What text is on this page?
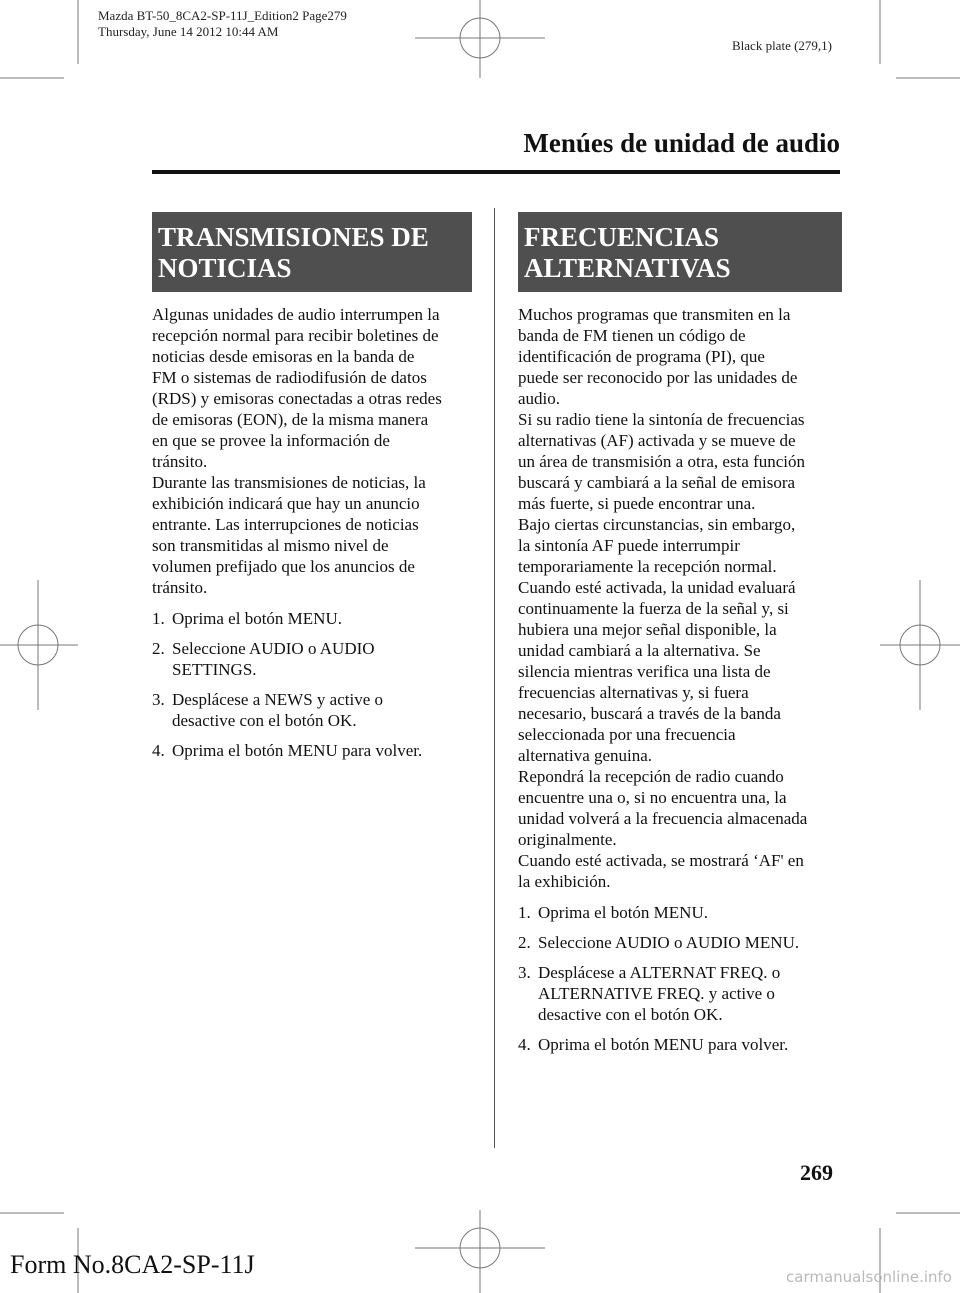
Mazda BT-50_8CA2-SP-11J_Edition2 Page279
Thursday, June 14 2012 10:44 AM
Black plate (279,1)
Menúes de unidad de audio
TRANSMISIONES DE
NOTICIAS

Algunas unidades de audio interrumpen la
recepción normal para recibir boletines de
noticias desde emisoras en la banda de
FM o sistemas de radiodifusión de datos
(RDS) y emisoras conectadas a otras redes
de emisoras (EON), de la misma manera
en que se provee la información de
tránsito.

Durante las transmisiones de noticias, la
exhibición indicará que hay un anuncio
entrante. Las interrupciones de noticias
son transmitidas al mismo nivel de
volumen prefijado que los anuncios de
tránsito.

1. Oprima el botón MENU.
2. Seleccione AUDIO o AUDIO
SETTINGS.
3. Desplácese a NEWS y active o
desactive con el botón OK.
4. Oprima el botón MENU para volver.
FRECUENCIAS
ALTERNATIVAS

Muchos programas que transmiten en la
banda de FM tienen un código de
identificación de programa (PI), que
puede ser reconocido por las unidades de
audio.

Si su radio tiene la sintonía de frecuencias
alternativas (AF) activada y se mueve de
un área de transmisión a otra, esta función
buscará y cambiará a la señal de emisora
más fuerte, si puede encontrar una.

Bajo ciertas circunstancias, sin embargo,
la sintonía AF puede interrumpir
temporariamente la recepción normal.

Cuando esté activada, la unidad evaluará
continuamente la fuerza de la señal y, si
hubiera una mejor señal disponible, la
unidad cambiará a la alternativa. Se
silencia mientras verifica una lista de
frecuencias alternativas y, si fuera
necesario, buscará a través de la banda
seleccionada por una frecuencia
alternativa genuina.

Repondrá la recepción de radio cuando
encuentre una o, si no encuentra una, la
unidad volverá a la frecuencia almacenada
originalmente.

Cuando esté activada, se mostrará ‘AF' en
la exhibición.

1. Oprima el botón MENU.
2. Seleccione AUDIO o AUDIO MENU.
3. Desplácese a ALTERNAT FREQ. o
ALTERNATIVE FREQ. y active o
desactive con el botón OK.
4. Oprima el botón MENU para volver.
269
Form No.8CA2-SP-11J	carmanualsonline.info
